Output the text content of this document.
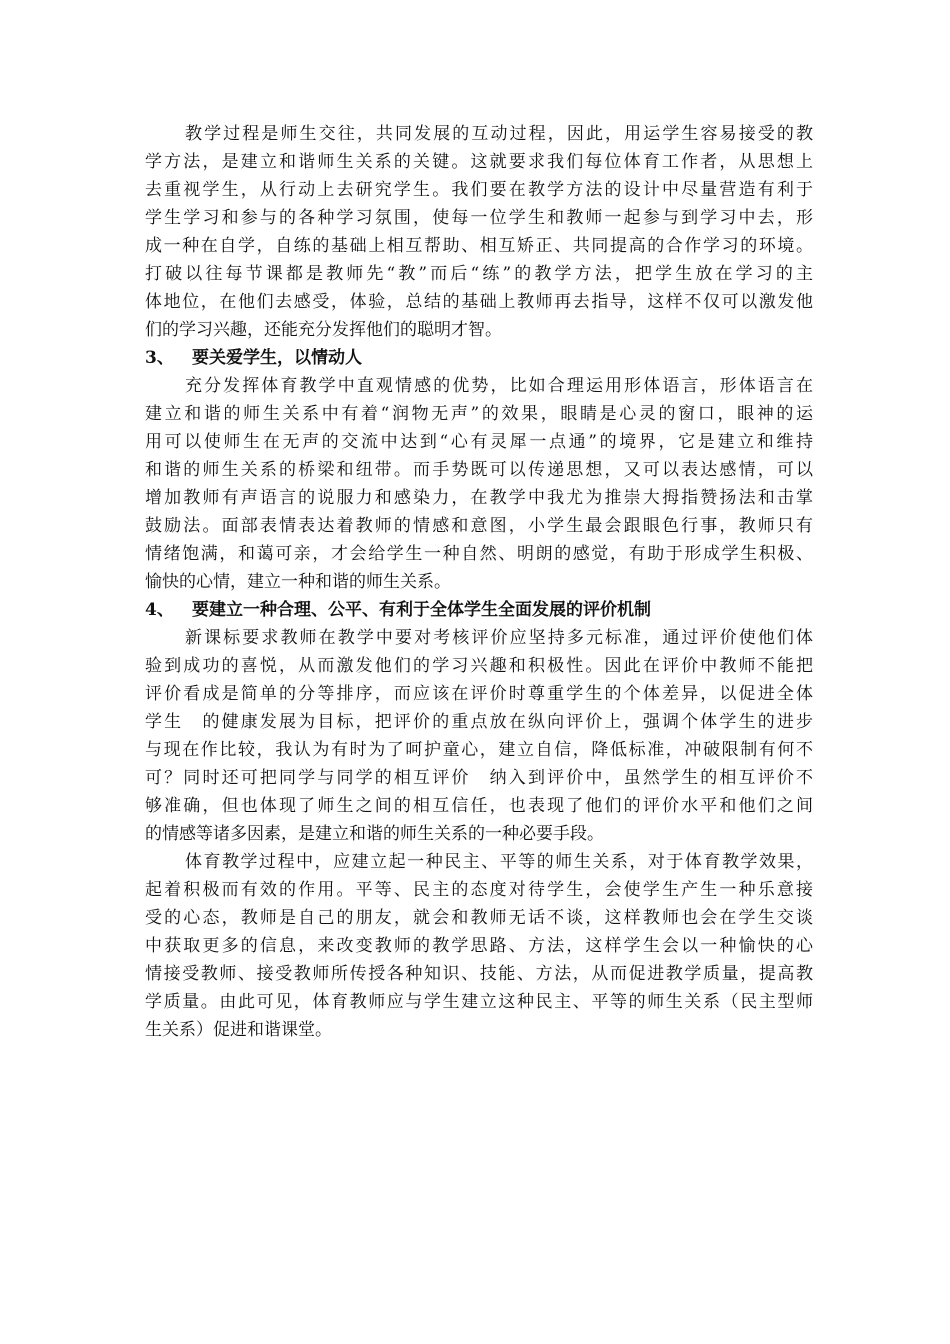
教学过程是师生交往，共同发展的互动过程，因此，用运学生容易接受的教
学方法，是建立和谐师生关系的关键。这就要求我们每位体育工作者，从思想上
去重视学生，从行动上去研究学生。我们要在教学方法的设计中尽量营造有利于
学生学习和参与的各种学习氛围，使每一位学生和教师一起参与到学习中去，形
成一种在自学，自练的基础上相互帮助、相互矫正、共同提高的合作学习的环境。
打破以往每节课都是教师先“教”而后“练”的教学方法，把学生放在学习的主
体地位，在他们去感受，体验，总结的基础上教师再去指导，这样不仅可以激发他
们的学习兴趣，还能充分发挥他们的聪明才智。

3、 要关爱学生，以情动人

充分发挥体育教学中直观情感的优势，比如合理运用形体语言，形体语言在
建立和谐的师生关系中有着“润物无声”的效果，眼睛是心灵的窗口，眼神的运
用可以使师生在无声的交流中达到“心有灵犀一点通”的境界，它是建立和维持
和谐的师生关系的桥梁和纽带。而手势既可以传递思想，又可以表达感情，可以
增加教师有声语言的说服力和感染力，在教学中我尤为推崇大拇指赞扬法和击掌
鼓励法。面部表情表达着教师的情感和意图，小学生最会跟眼色行事，教师只有
情绪饱满，和蔼可亲，才会给学生一种自然、明朗的感觉，有助于形成学生积极、
愉快的心情，建立一种和谐的师生关系。

4、 要建立一种合理、公平、有利于全体学生全面发展的评价机制

新课标要求教师在教学中要对考核评价应坚持多元标准，通过评价使他们体
验到成功的喜悦，从而激发他们的学习兴趣和积极性。因此在评价中教师不能把
评价看成是简单的分等排序，而应该在评价时尊重学生的个体差异，以促进全体
学生　的健康发展为目标，把评价的重点放在纵向评价上，强调个体学生的进步
与现在作比较，我认为有时为了呵护童心，建立自信，降低标准，冲破限制有何不
可？同时还可把同学与同学的相互评价　纳入到评价中，虽然学生的相互评价不
够准确，但也体现了师生之间的相互信任，也表现了他们的评价水平和他们之间
的情感等诸多因素，是建立和谐的师生关系的一种必要手段。

体育教学过程中，应建立起一种民主、平等的师生关系，对于体育教学效果，
起着积极而有效的作用。平等、民主的态度对待学生，会使学生产生一种乐意接
受的心态，教师是自己的朋友，就会和教师无话不谈，这样教师也会在学生交谈
中获取更多的信息，来改变教师的教学思路、方法，这样学生会以一种愉快的心
情接受教师、接受教师所传授各种知识、技能、方法，从而促进教学质量，提高教
学质量。由此可见，体育教师应与学生建立这种民主、平等的师生关系（民主型师
生关系）促进和谐课堂。
